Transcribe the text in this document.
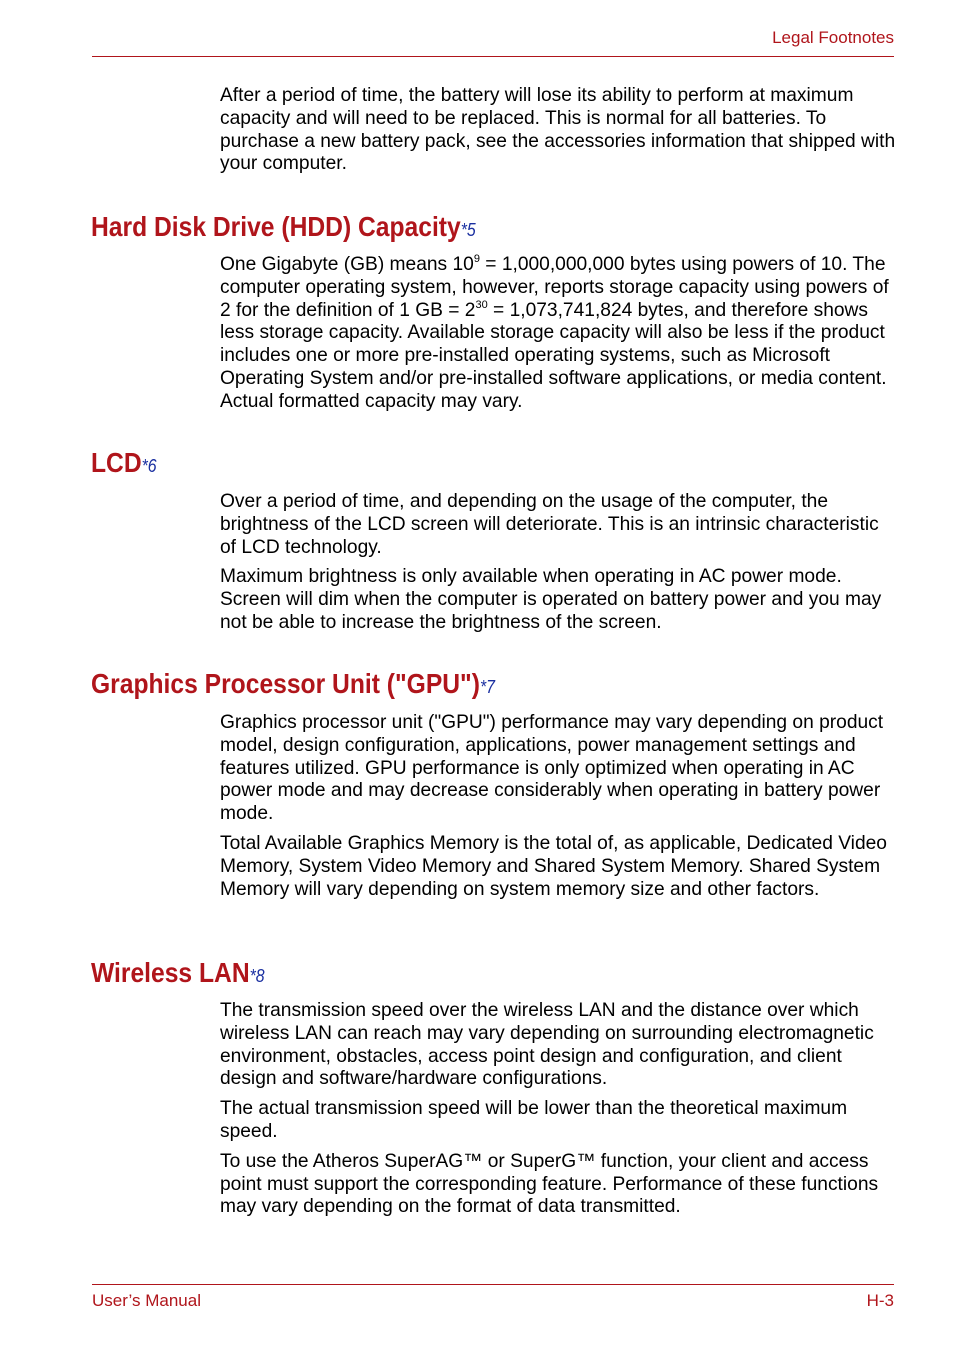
Legal Footnotes

After a period of time, the battery will lose its ability to perform at maximum capacity and will need to be replaced. This is normal for all batteries. To purchase a new battery pack, see the accessories information that shipped with your computer.

Hard Disk Drive (HDD) Capacity*5

One Gigabyte (GB) means $10^9 = 1,000,000,000$ bytes using powers of 10. The computer operating system, however, reports storage capacity using powers of 2 for the definition of 1 GB = $2^{30} = 1,073,741,824$ bytes, and therefore shows less storage capacity. Available storage capacity will also be less if the product includes one or more pre-installed operating systems, such as Microsoft Operating System and/or pre-installed software applications, or media content. Actual formatted capacity may vary.

LCD*6

Over a period of time, and depending on the usage of the computer, the brightness of the LCD screen will deteriorate. This is an intrinsic characteristic of LCD technology.

Maximum brightness is only available when operating in AC power mode. Screen will dim when the computer is operated on battery power and you may not be able to increase the brightness of the screen.

Graphics Processor Unit ("GPU")*7

Graphics processor unit ("GPU") performance may vary depending on product model, design configuration, applications, power management settings and features utilized. GPU performance is only optimized when operating in AC power mode and may decrease considerably when operating in battery power mode.

Total Available Graphics Memory is the total of, as applicable, Dedicated Video Memory, System Video Memory and Shared System Memory. Shared System Memory will vary depending on system memory size and other factors.

Wireless LAN*8

The transmission speed over the wireless LAN and the distance over which wireless LAN can reach may vary depending on surrounding electromagnetic environment, obstacles, access point design and configuration, and client design and software/hardware configurations.

The actual transmission speed will be lower than the theoretical maximum speed.

To use the Atheros SuperAG™ or SuperG™ function, your client and access point must support the corresponding feature. Performance of these functions may vary depending on the format of data transmitted.

User’s Manual	H-3
